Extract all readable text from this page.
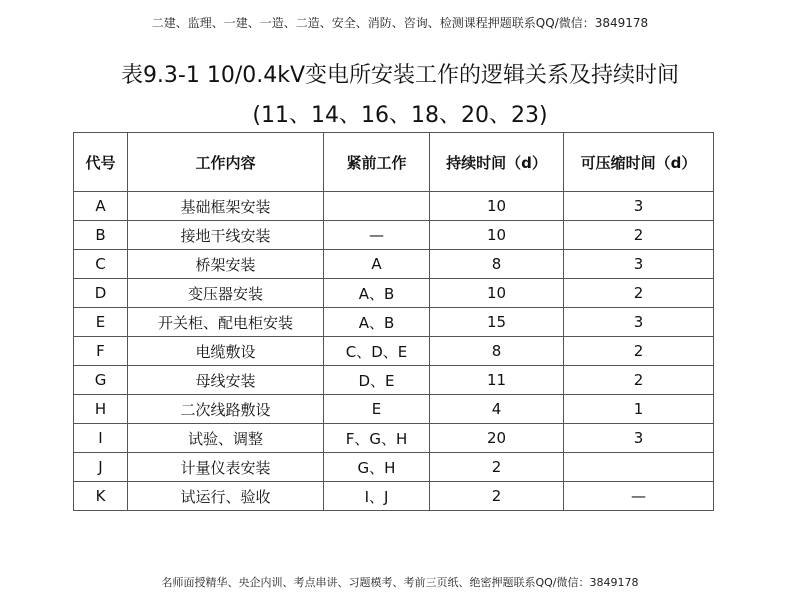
二建、监理、一建、一造、二造、安全、消防、咨询、检测课程押题联系QQ/微信：3849178
表9.3-1 10/0.4kV变电所安装工作的逻辑关系及持续时间
(11、14、16、18、20、23)
代号	工作内容	紧前工作	持续时间（d）	可压缩时间（d）
A	基础框架安装		10	3
B	接地干线安装	—	10	2
C	桥架安装	A	8	3
D	变压器安装	A、B	10	2
E	开关柜、配电柜安装	A、B	15	3
F	电缆敷设	C、D、E	8	2
G	母线安装	D、E	11	2
H	二次线路敷设	E	4	1
I	试验、调整	F、G、H	20	3
J	计量仪表安装	G、H	2	
K	试运行、验收	I、J	2	—
名师面授精华、央企内训、考点串讲、习题模考、考前三页纸、绝密押题联系QQ/微信：3849178
